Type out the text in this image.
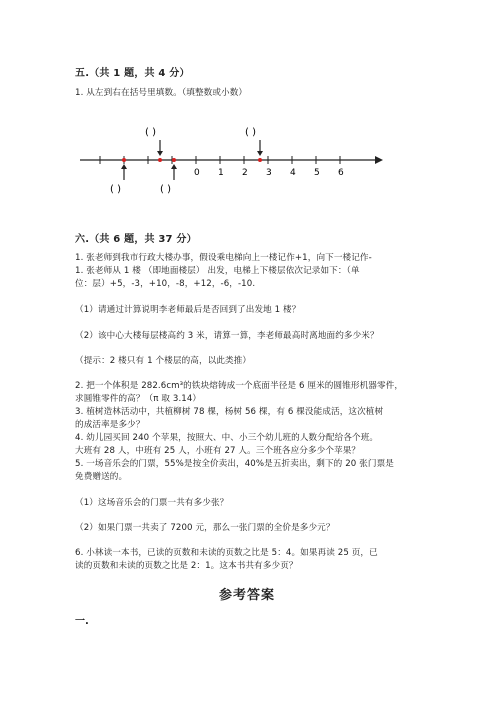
五.（共 1 题，共 4 分）
1. 从左到右在括号里填数。（填整数或小数）
( )	( )
( )	( )
0 1 2 3 4 5 6
六.（共 6 题，共 37 分）
1. 张老师到我市行政大楼办事，假设乘电梯向上一楼记作+1，向下一楼记作-
1. 张老师从 1 楼 （即地面楼层） 出发，电梯上下楼层依次记录如下：（单
位：层）+5，-3，+10，-8，+12，-6，-10.
（1）请通过计算说明李老师最后是否回到了出发地 1 楼？
（2）该中心大楼每层楼高约 3 米，请算一算，李老师最高时离地面约多少米？
（提示：2 楼只有 1 个楼层的高，以此类推）
2. 把一个体积是 282.6cm³的铁块熔铸成一个底面半径是 6 厘米的圆锥形机器零件，
求圆锥零件的高？（π 取 3.14）
3. 植树造林活动中，共植柳树 78 棵，杨树 56 棵，有 6 棵没能成活，这次植树
的成活率是多少？
4. 幼儿园买回 240 个苹果，按照大、中、小三个幼儿班的人数分配给各个班。
大班有 28 人，中班有 25 人，小班有 27 人。三个班各应分多少个苹果？
5. 一场音乐会的门票，55%是按全价卖出，40%是五折卖出，剩下的 20 张门票是
免费赠送的。
（1）这场音乐会的门票一共有多少张？
（2）如果门票一共卖了 7200 元，那么一张门票的全价是多少元？
6. 小林读一本书，已读的页数和未读的页数之比是 5：4。如果再读 25 页，已
读的页数和未读的页数之比是 2：1。这本书共有多少页？
参考答案
一.
